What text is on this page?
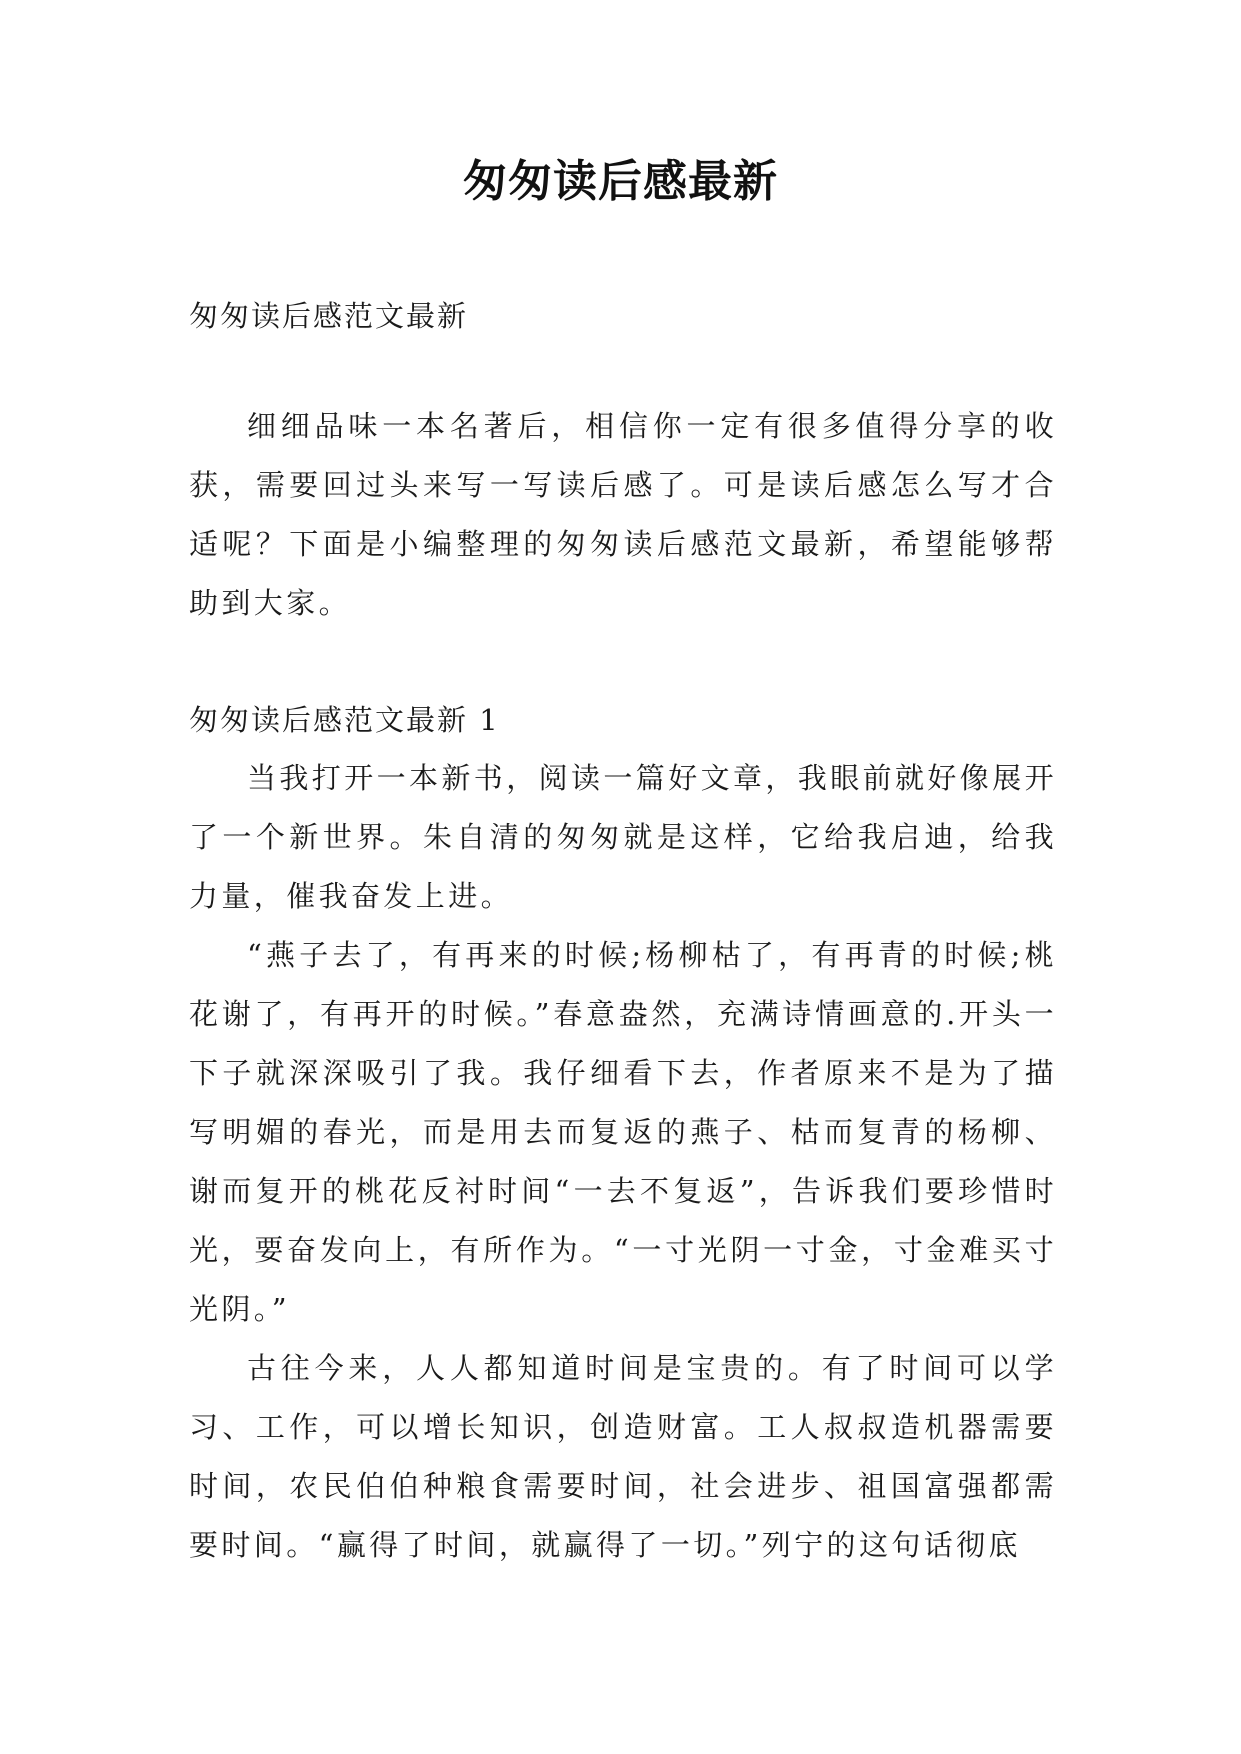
匆匆读后感最新

匆匆读后感范文最新

细细品味一本名著后，相信你一定有很多值得分享的收获，需要回过头来写一写读后感了。可是读后感怎么写才合适呢？下面是小编整理的匆匆读后感范文最新，希望能够帮助到大家。

匆匆读后感范文最新 1

当我打开一本新书，阅读一篇好文章，我眼前就好像展开了一个新世界。朱自清的匆匆就是这样，它给我启迪，给我力量，催我奋发上进。

“燕子去了，有再来的时候;杨柳枯了，有再青的时候;桃花谢了，有再开的时候。”春意盎然，充满诗情画意的.开头一下子就深深吸引了我。我仔细看下去，作者原来不是为了描写明媚的春光，而是用去而复返的燕子、枯而复青的杨柳、谢而复开的桃花反衬时间“一去不复返”，告诉我们要珍惜时光，要奋发向上，有所作为。“一寸光阴一寸金，寸金难买寸光阴。”

古往今来，人人都知道时间是宝贵的。有了时间可以学习、工作，可以增长知识，创造财富。工人叔叔造机器需要时间，农民伯伯种粮食需要时间，社会进步、祖国富强都需要时间。“赢得了时间，就赢得了一切。”列宁的这句话彻底
